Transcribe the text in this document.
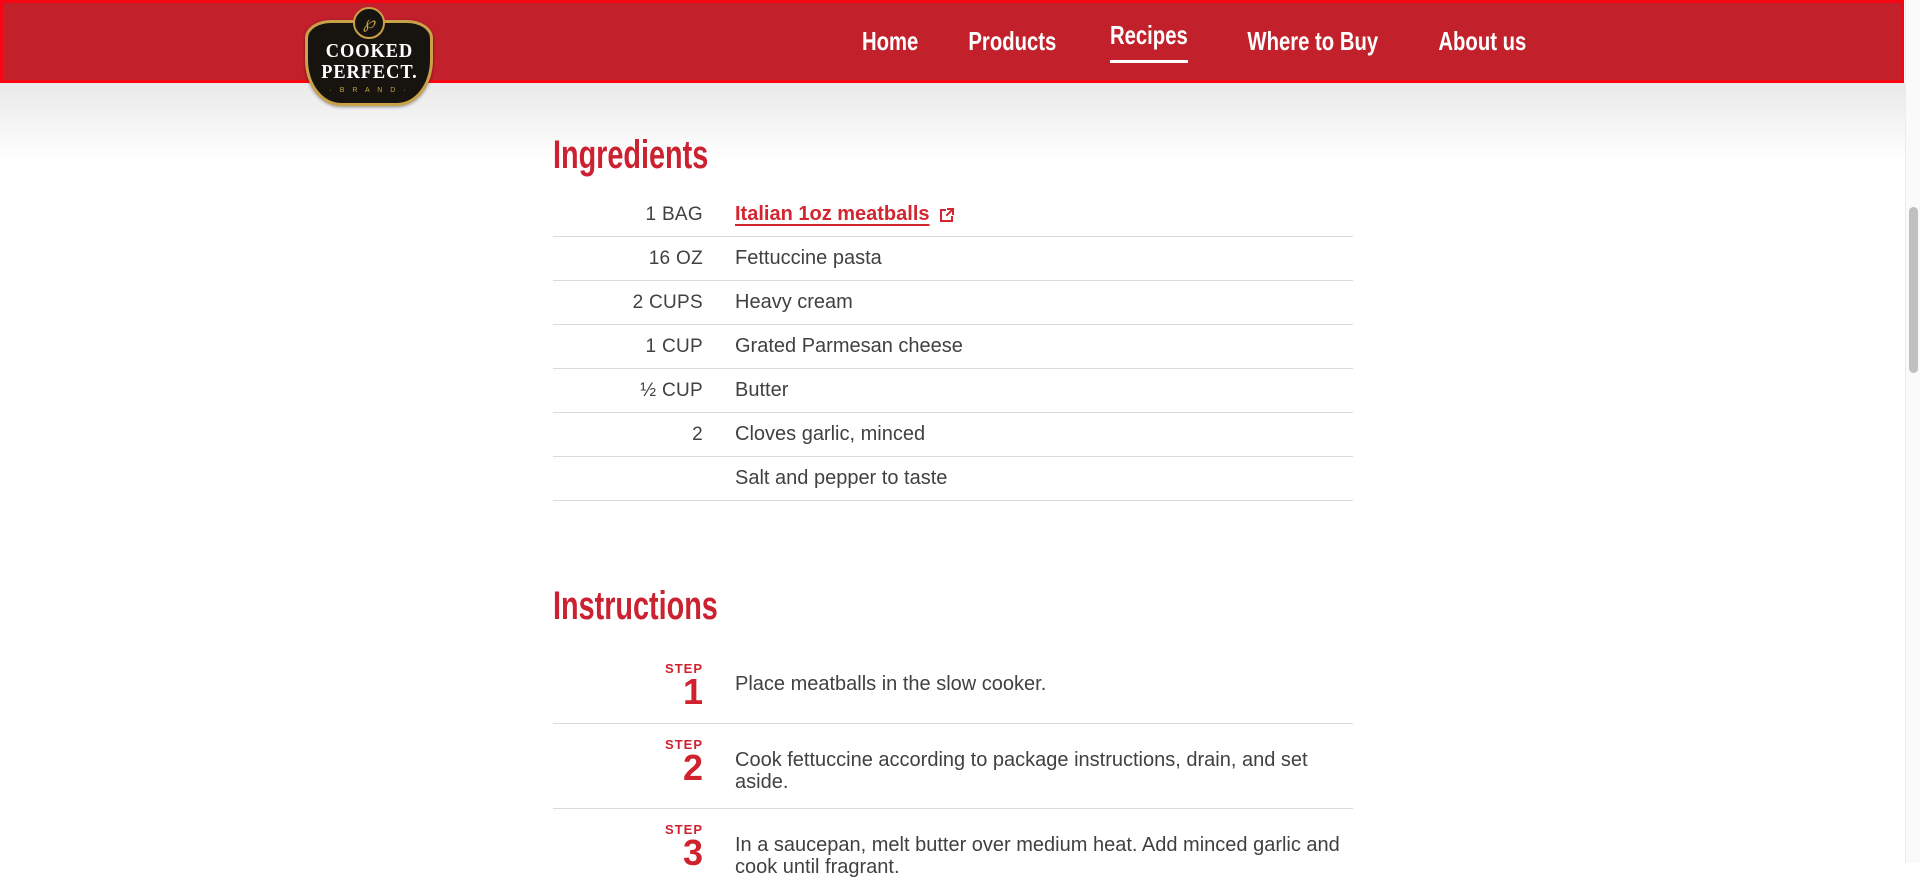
℘
COOKED
PERFECT.
· B R A N D ·
Home	Products	Recipes	Where to Buy	About us
Ingredients
1 BAG Italian 1oz meatballs
16 OZ	Fettuccine pasta
2 CUPS	Heavy cream
1 CUP	Grated Parmesan cheese
½ CUP	Butter
2	Cloves garlic, minced
Salt and pepper to taste
Instructions
STEP
1	Place meatballs in the slow cooker.
STEP
2	Cook fettuccine according to package instructions, drain, and set aside.
STEP
3	In a saucepan, melt butter over medium heat. Add minced garlic and cook until fragrant.
